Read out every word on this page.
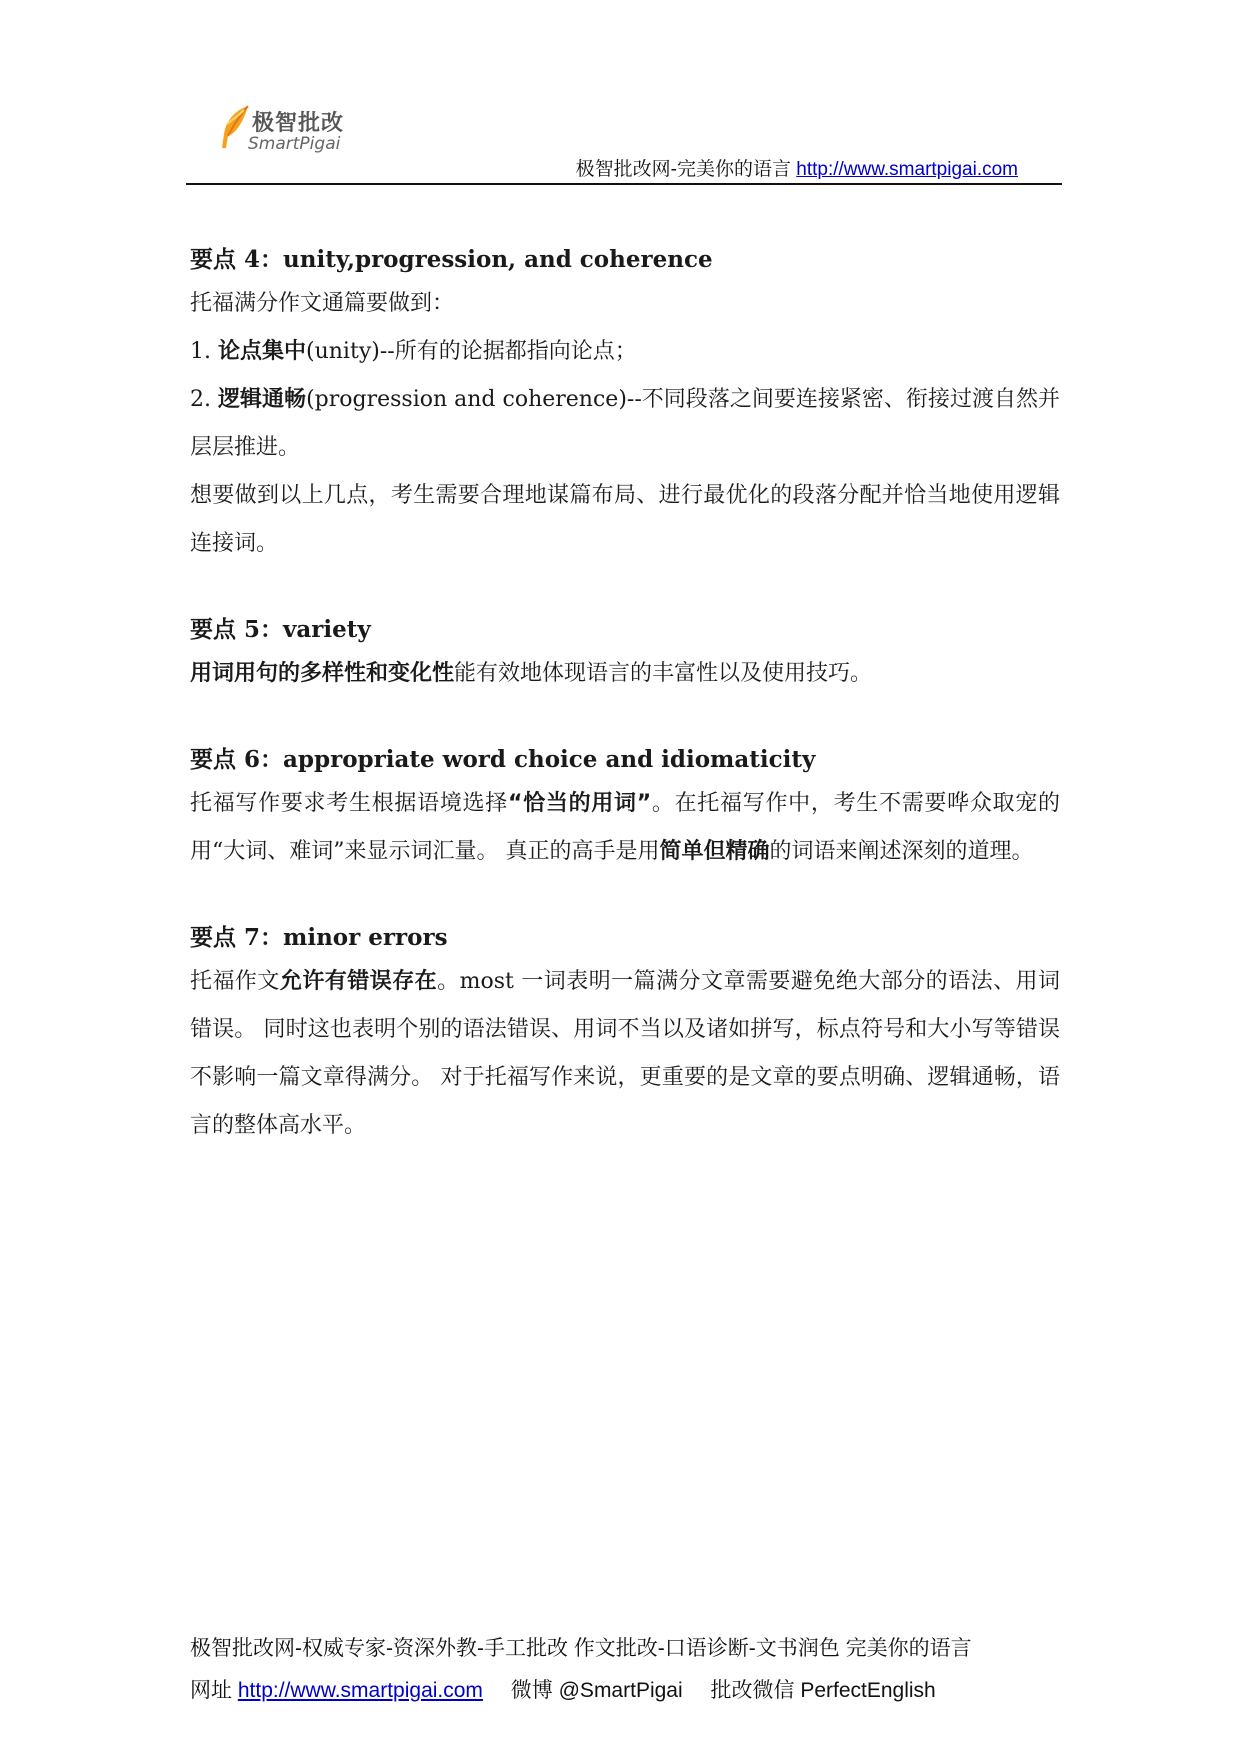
极智批改
SmartPigai
极智批改网-完美你的语言 http://www.smartpigai.com

要点 4：unity,progression, and coherence

托福满分作文通篇要做到：

1. 论点集中(unity)--所有的论据都指向论点；

2. 逻辑通畅(progression and coherence)--不同段落之间要连接紧密、衔接过渡自然并层层推进。

想要做到以上几点，考生需要合理地谋篇布局、进行最优化的段落分配并恰当地使用逻辑连接词。

要点 5：variety

用词用句的多样性和变化性能有效地体现语言的丰富性以及使用技巧。

要点 6：appropriate word choice and idiomaticity

托福写作要求考生根据语境选择“恰当的用词”。在托福写作中，考生不需要哗众取宠的用“大词、难词”来显示词汇量。 真正的高手是用简单但精确的词语来阐述深刻的道理。

要点 7：minor errors

托福作文允许有错误存在。most 一词表明一篇满分文章需要避免绝大部分的语法、用词错误。 同时这也表明个别的语法错误、用词不当以及诸如拼写，标点符号和大小写等错误不影响一篇文章得满分。 对于托福写作来说，更重要的是文章的要点明确、逻辑通畅，语言的整体高水平。

极智批改网-权威专家-资深外教-手工批改 作文批改-口语诊断-文书润色 完美你的语言
网址 http://www.smartpigai.com 微博 @SmartPigai 批改微信 PerfectEnglish
